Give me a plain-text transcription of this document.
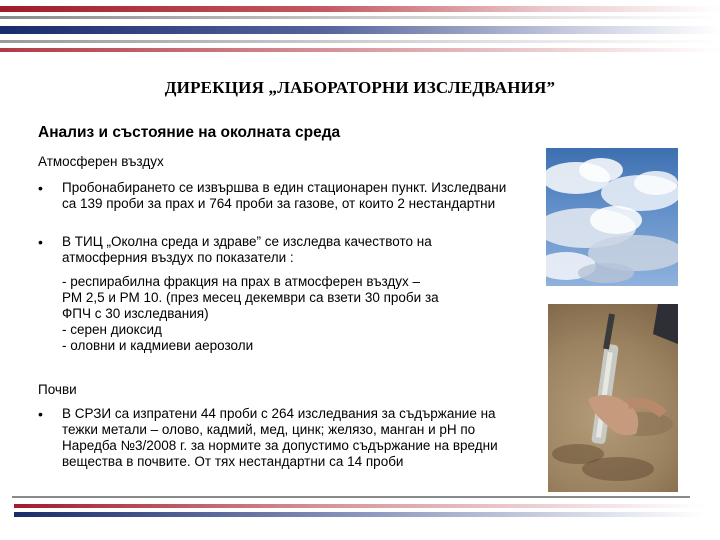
ДИРЕКЦИЯ „ЛАБОРАТОРНИ ИЗСЛЕДВАНИЯ”
Анализ и състояние на околната среда
Атмосферен въздух
• Пробонабирането се извършва в един стационарен пункт. Изследвани са 139 проби за прах и 764 проби за газове, от които 2 нестандартни
• В ТИЦ „Околна среда и здраве” се изследва качеството на атмосферния въздух по показатели :
- респирабилна фракция на прах в атмосферен въздух –
РМ 2,5 и РМ 10. (през месец декември са взети 30 проби за
ФПЧ с 30 изследвания)
- серен диоксид
- оловни и кадмиеви аерозоли
Почви
• В СРЗИ са изпратени 44 проби с 264 изследвания за съдържание на тежки метали – олово, кадмий, мед, цинк; желязо, манган и рН по Наредба №3/2008 г. за нормите за допустимо съдържание на вредни вещества в почвите. От тях нестандартни са 14 проби
